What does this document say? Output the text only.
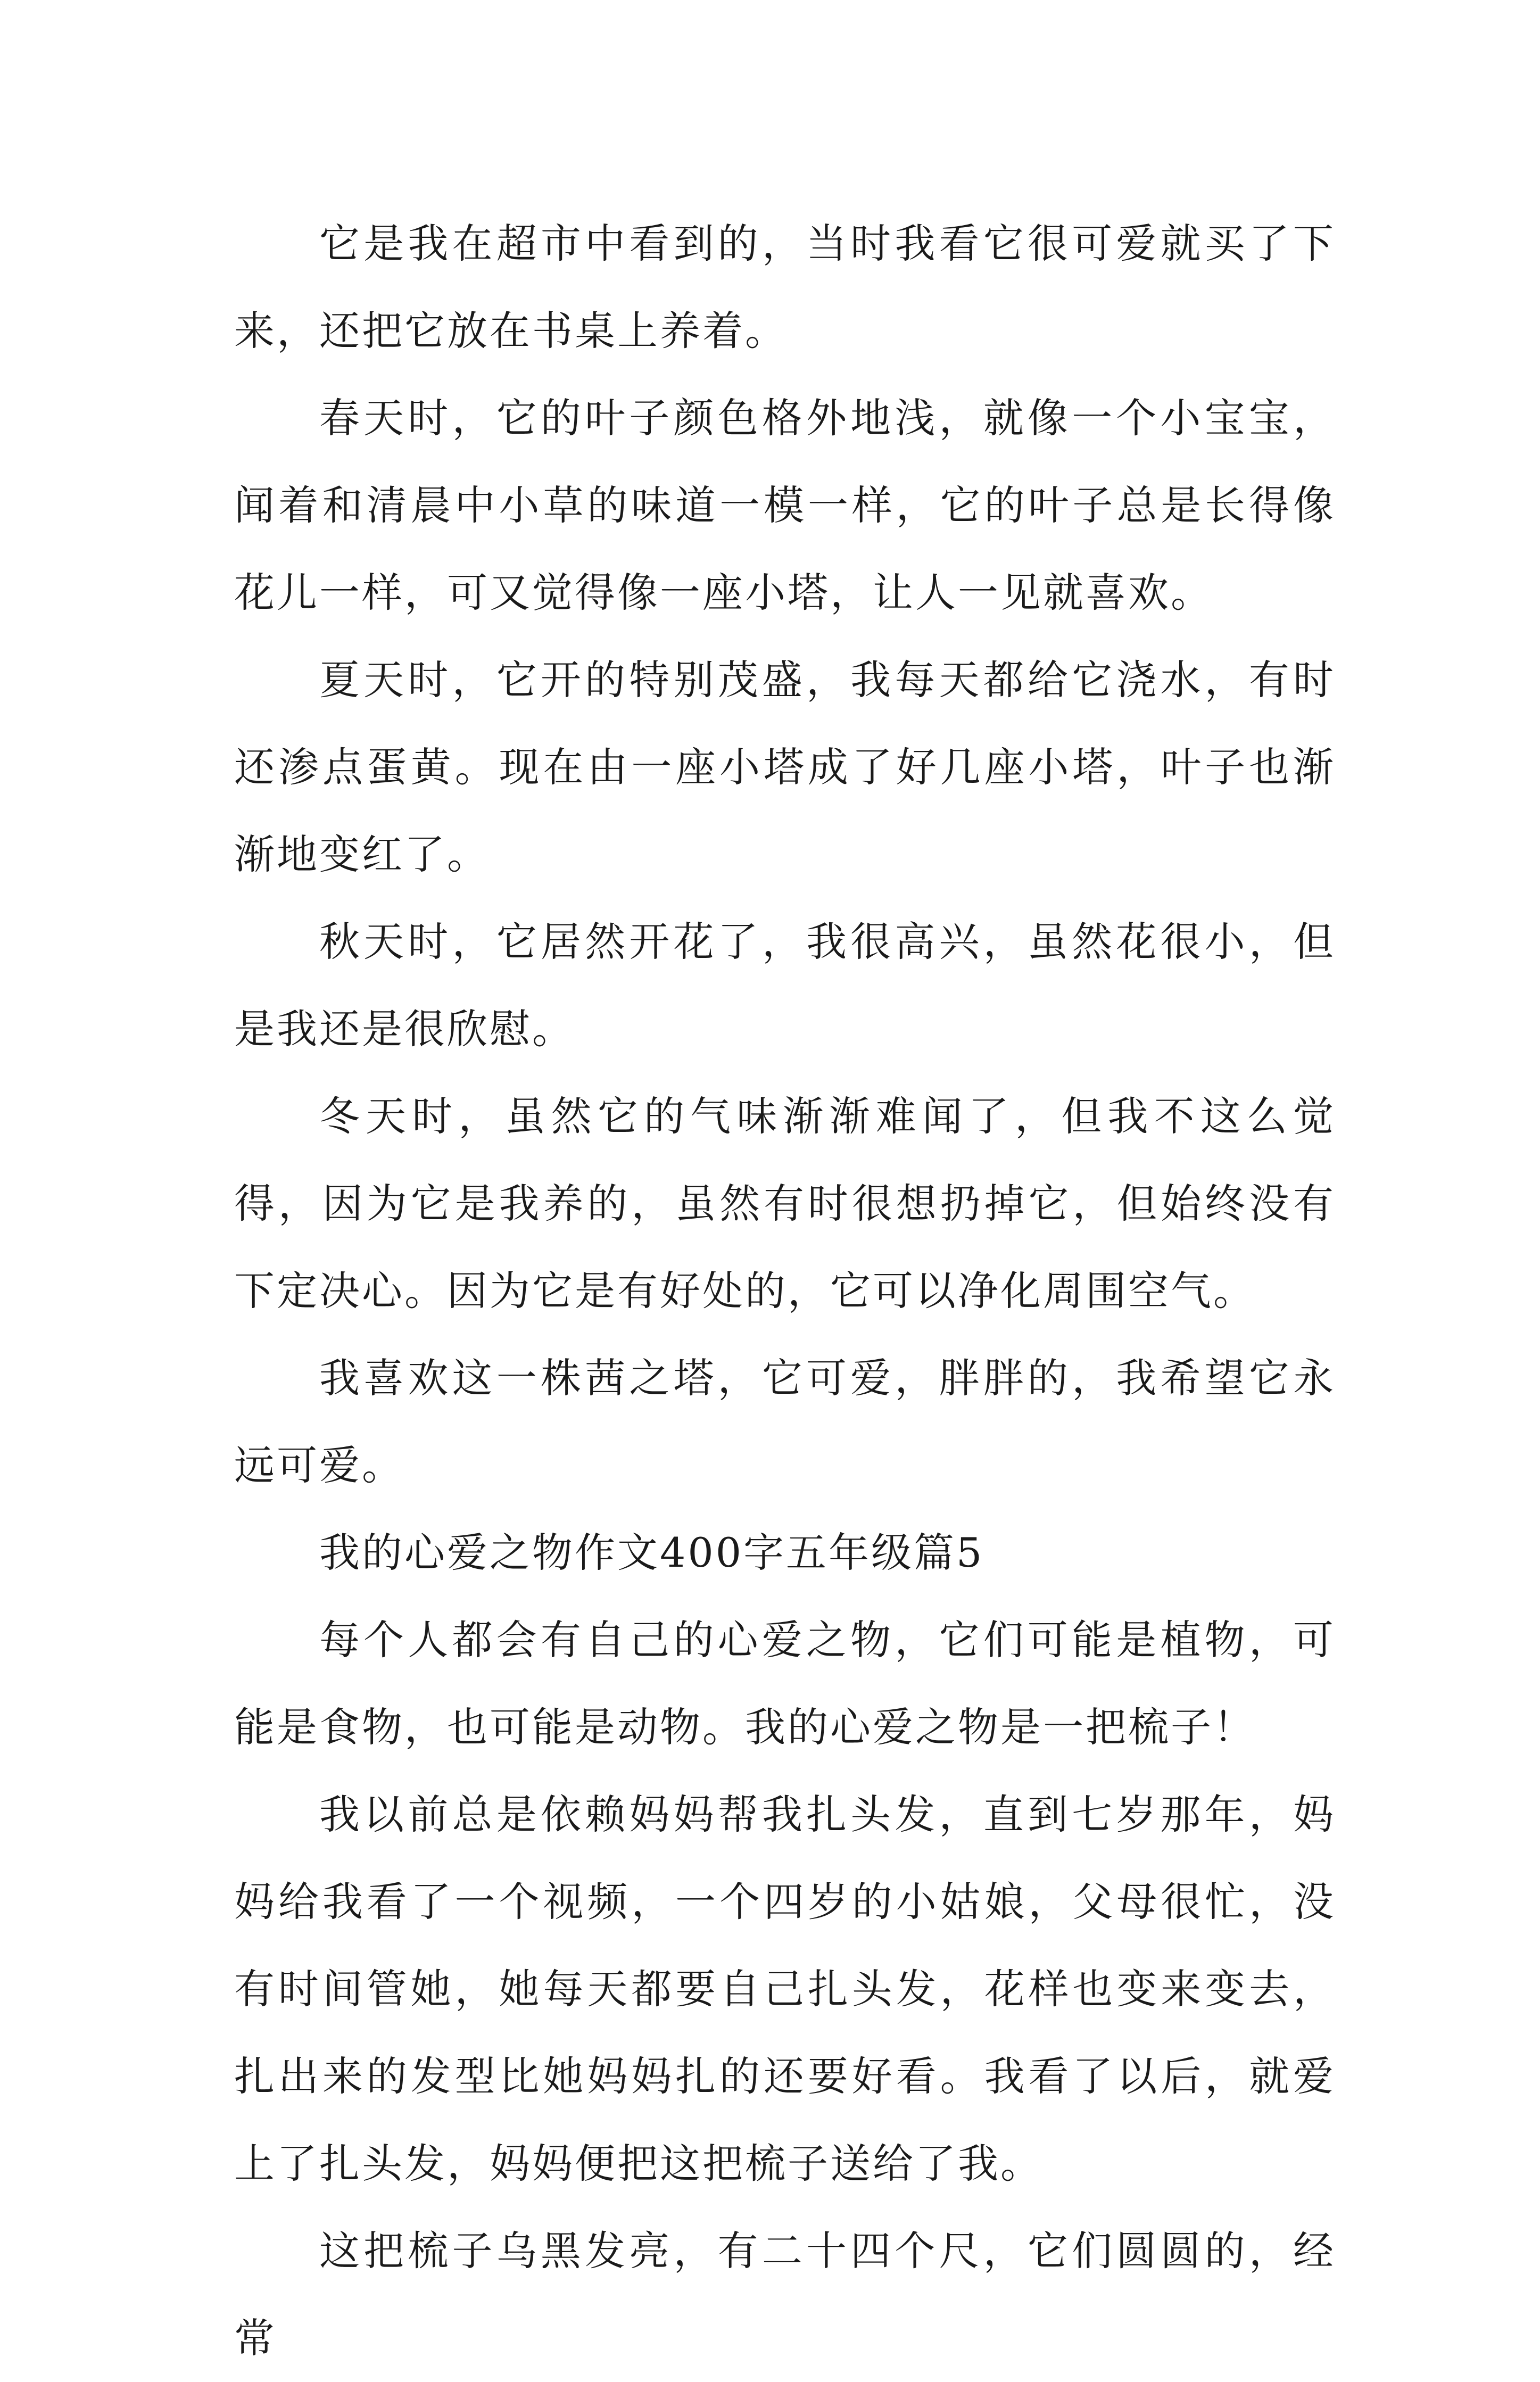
它是我在超市中看到的，当时我看它很可爱就买了下来，还把它放在书桌上养着。

春天时，它的叶子颜色格外地浅，就像一个小宝宝，闻着和清晨中小草的味道一模一样，它的叶子总是长得像花儿一样，可又觉得像一座小塔，让人一见就喜欢。

夏天时，它开的特别茂盛，我每天都给它浇水，有时还渗点蛋黄。现在由一座小塔成了好几座小塔，叶子也渐渐地变红了。

秋天时，它居然开花了，我很高兴，虽然花很小，但是我还是很欣慰。

冬天时，虽然它的气味渐渐难闻了，但我不这么觉得，因为它是我养的，虽然有时很想扔掉它，但始终没有下定决心。因为它是有好处的，它可以净化周围空气。

我喜欢这一株茜之塔，它可爱，胖胖的，我希望它永远可爱。

我的心爱之物作文400字五年级篇5

每个人都会有自己的心爱之物，它们可能是植物，可能是食物，也可能是动物。我的心爱之物是一把梳子！

我以前总是依赖妈妈帮我扎头发，直到七岁那年，妈妈给我看了一个视频，一个四岁的小姑娘，父母很忙，没有时间管她，她每天都要自己扎头发，花样也变来变去，扎出来的发型比她妈妈扎的还要好看。我看了以后，就爱上了扎头发，妈妈便把这把梳子送给了我。

这把梳子乌黑发亮，有二十四个尺，它们圆圆的，经常
